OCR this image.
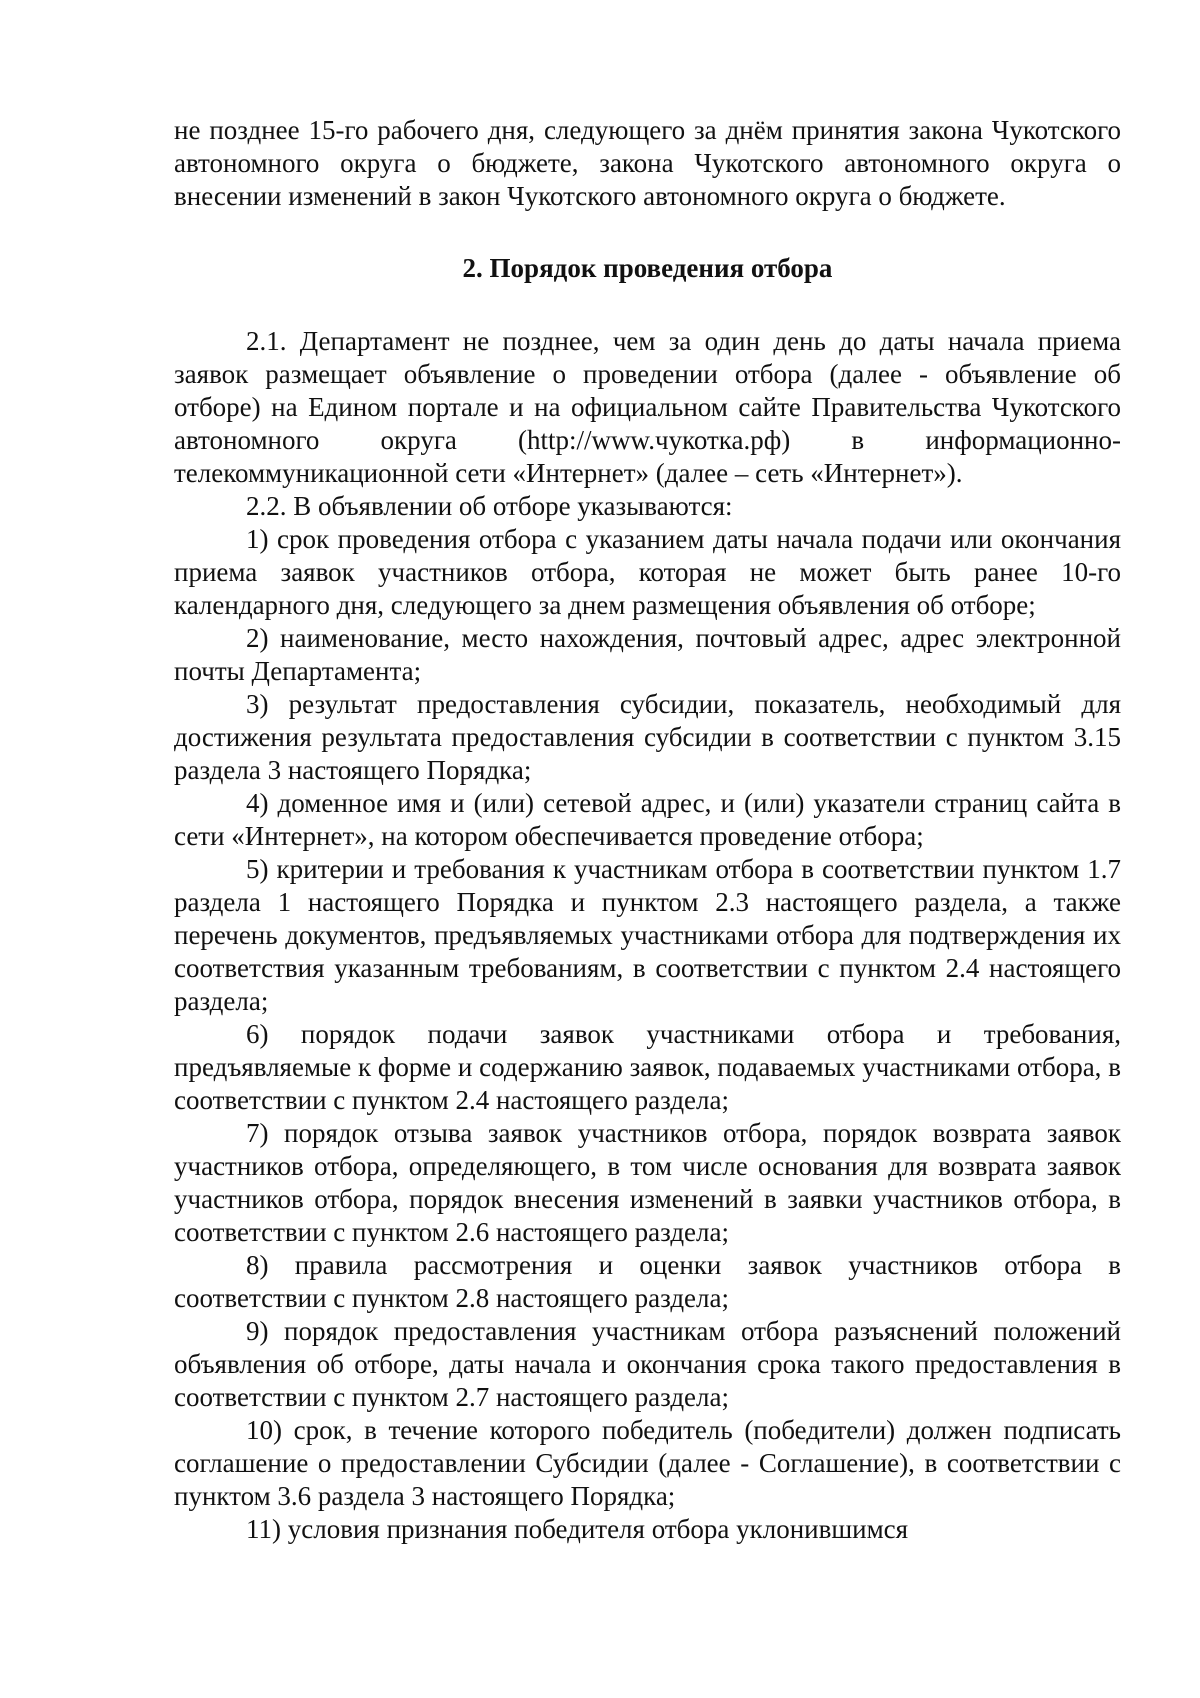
не позднее 15-го рабочего дня, следующего за днём принятия закона Чукотского автономного округа о бюджете, закона Чукотского автономного округа о внесении изменений в закон Чукотского автономного округа о бюджете.

2. Порядок проведения отбора

2.1. Департамент не позднее, чем за один день до даты начала приема заявок размещает объявление о проведении отбора (далее - объявление об отборе) на Едином портале и на официальном сайте Правительства Чукотского автономного округа (http://www.чукотка.рф) в информационно-телекоммуникационной сети «Интернет» (далее – сеть «Интернет»).

2.2. В объявлении об отборе указываются:

1) срок проведения отбора с указанием даты начала подачи или окончания приема заявок участников отбора, которая не может быть ранее 10-го календарного дня, следующего за днем размещения объявления об отборе;

2) наименование, место нахождения, почтовый адрес, адрес электронной почты Департамента;

3) результат предоставления субсидии, показатель, необходимый для достижения результата предоставления субсидии в соответствии с пунктом 3.15 раздела 3 настоящего Порядка;

4) доменное имя и (или) сетевой адрес, и (или) указатели страниц сайта в сети «Интернет», на котором обеспечивается проведение отбора;

5) критерии и требования к участникам отбора в соответствии пунктом 1.7 раздела 1 настоящего Порядка и пунктом 2.3 настоящего раздела, а также перечень документов, предъявляемых участниками отбора для подтверждения их соответствия указанным требованиям, в соответствии с пунктом 2.4 настоящего раздела;

6) порядок подачи заявок участниками отбора и требования, предъявляемые к форме и содержанию заявок, подаваемых участниками отбора, в соответствии с пунктом 2.4 настоящего раздела;

7) порядок отзыва заявок участников отбора, порядок возврата заявок участников отбора, определяющего, в том числе основания для возврата заявок участников отбора, порядок внесения изменений в заявки участников отбора, в соответствии с пунктом 2.6 настоящего раздела;

8) правила рассмотрения и оценки заявок участников отбора в соответствии с пунктом 2.8 настоящего раздела;

9) порядок предоставления участникам отбора разъяснений положений объявления об отборе, даты начала и окончания срока такого предоставления в соответствии с пунктом 2.7 настоящего раздела;

10) срок, в течение которого победитель (победители) должен подписать соглашение о предоставлении Субсидии (далее - Соглашение), в соответствии с пунктом 3.6 раздела 3 настоящего Порядка;

11) условия признания победителя отбора уклонившимся
